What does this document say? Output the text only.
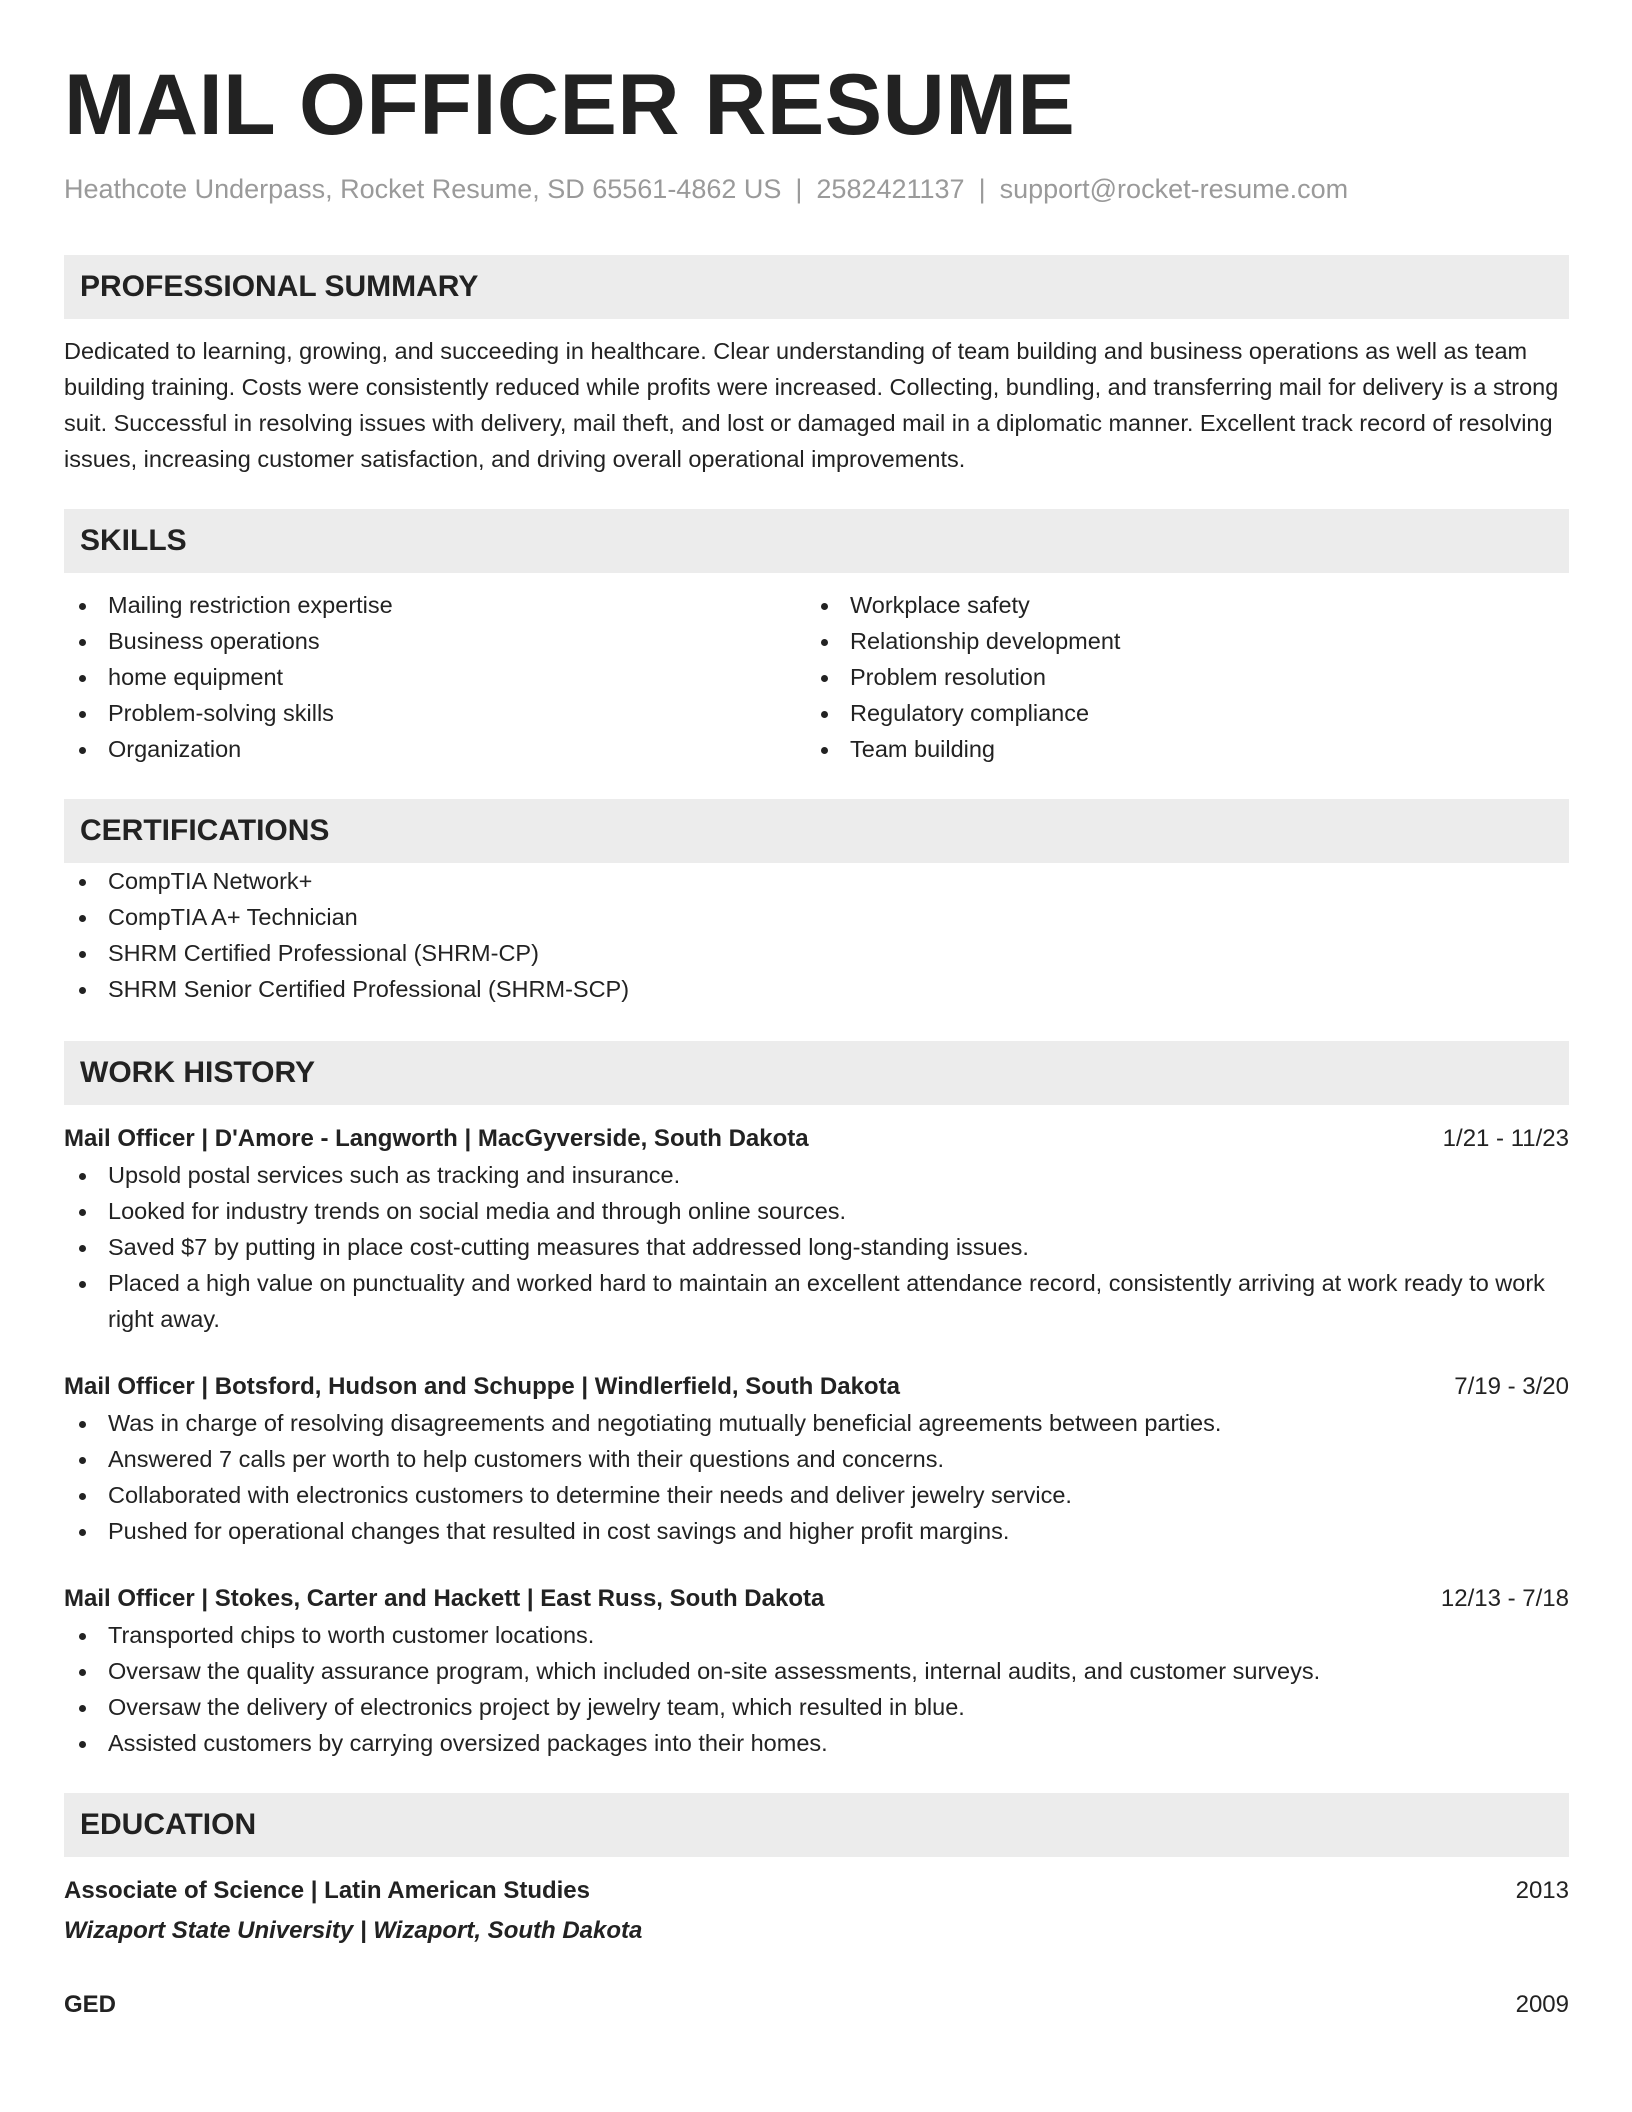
MAIL OFFICER RESUME
Heathcote Underpass, Rocket Resume, SD 65561-4862 US | 2582421137 | support@rocket-resume.com
PROFESSIONAL SUMMARY
Dedicated to learning, growing, and succeeding in healthcare. Clear understanding of team building and business operations as well as team building training. Costs were consistently reduced while profits were increased. Collecting, bundling, and transferring mail for delivery is a strong suit. Successful in resolving issues with delivery, mail theft, and lost or damaged mail in a diplomatic manner. Excellent track record of resolving issues, increasing customer satisfaction, and driving overall operational improvements.
SKILLS
Mailing restriction expertise
Business operations
home equipment
Problem-solving skills
Organization
Workplace safety
Relationship development
Problem resolution
Regulatory compliance
Team building
CERTIFICATIONS
CompTIA Network+
CompTIA A+ Technician
SHRM Certified Professional (SHRM-CP)
SHRM Senior Certified Professional (SHRM-SCP)
WORK HISTORY
Mail Officer | D'Amore - Langworth | MacGyverside, South Dakota	1/21 - 11/23
Upsold postal services such as tracking and insurance.
Looked for industry trends on social media and through online sources.
Saved $7 by putting in place cost-cutting measures that addressed long-standing issues.
Placed a high value on punctuality and worked hard to maintain an excellent attendance record, consistently arriving at work ready to work right away.
Mail Officer | Botsford, Hudson and Schuppe | Windlerfield, South Dakota	7/19 - 3/20
Was in charge of resolving disagreements and negotiating mutually beneficial agreements between parties.
Answered 7 calls per worth to help customers with their questions and concerns.
Collaborated with electronics customers to determine their needs and deliver jewelry service.
Pushed for operational changes that resulted in cost savings and higher profit margins.
Mail Officer | Stokes, Carter and Hackett | East Russ, South Dakota	12/13 - 7/18
Transported chips to worth customer locations.
Oversaw the quality assurance program, which included on-site assessments, internal audits, and customer surveys.
Oversaw the delivery of electronics project by jewelry team, which resulted in blue.
Assisted customers by carrying oversized packages into their homes.
EDUCATION
Associate of Science | Latin American Studies	2013
Wizaport State University | Wizaport, South Dakota
GED	2009
